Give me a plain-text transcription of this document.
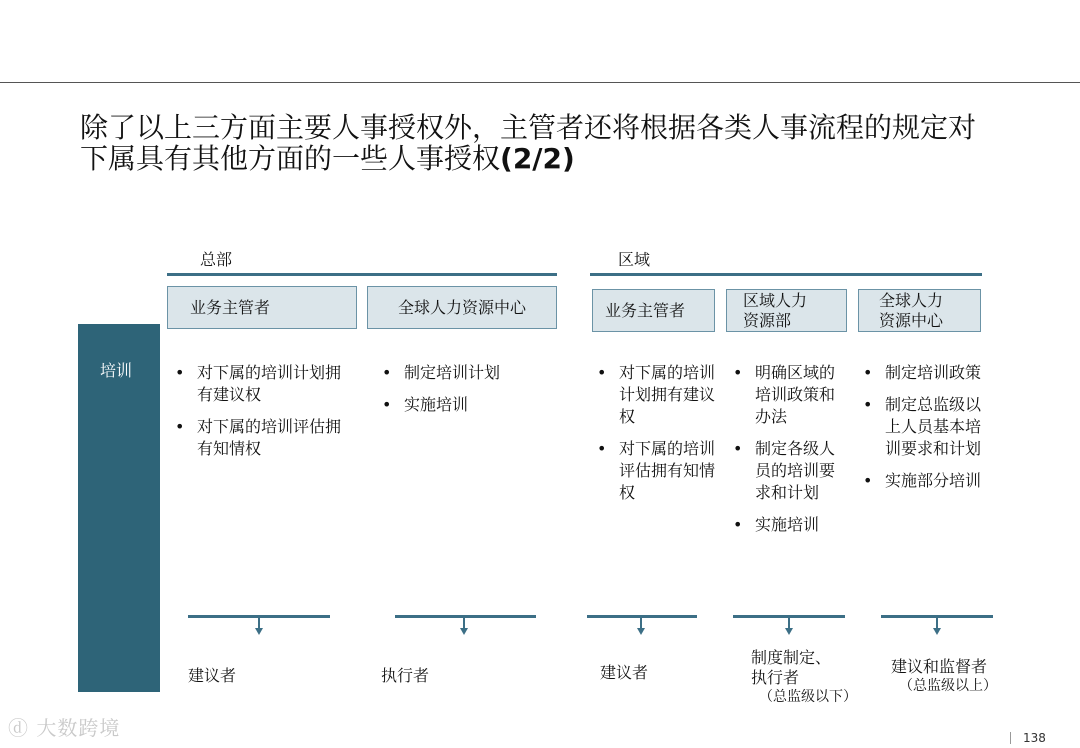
除了以上三方面主要人事授权外，主管者还将根据各类人事流程的规定对
下属具有其他方面的一些人事授权(2/2)
总部	区域
业务主管者	全球人力资源中心	业务主管者
区域人力
资源部
全球人力
资源中心
培训
•	对下属的培训计划拥有建议权
• 对下属的培训评估拥有知情权
• 制定培训计划
• 实施培训
• 对下属的培训计划拥有建议权
• 对下属的培训评估拥有知情权
• 明确区域的培训政策和办法
• 制定各级人员的培训要求和计划
• 实施培训
• 制定培训政策
• 制定总监级以上人员基本培训要求和计划
• 实施部分培训
建议者	执行者	建议者
制度制定、
执行者
（总监级以下）
建议和监督者
（总监级以上）
ⓓ 大数跨境	138
